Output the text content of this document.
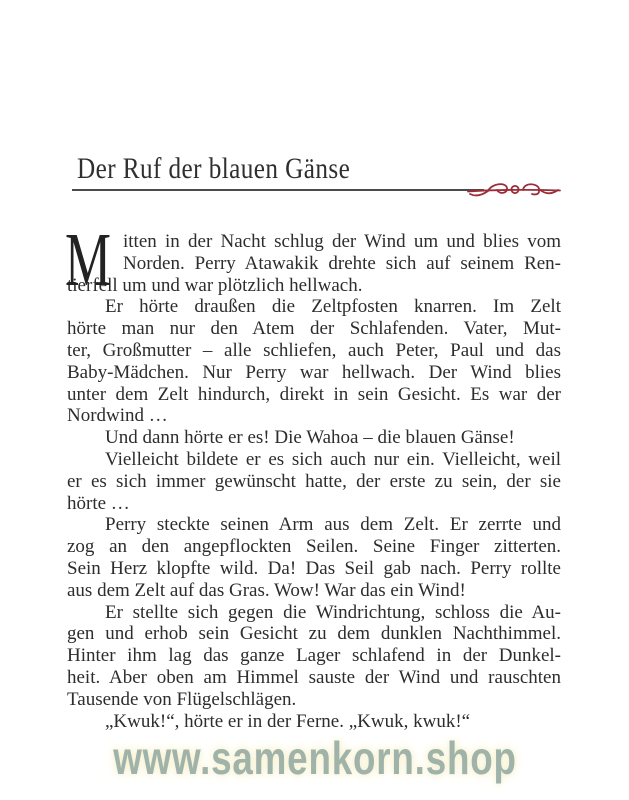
Der Ruf der blauen Gänse
M itten in der Nacht schlug der Wind um und blies vom
Norden. Perry Atawakik drehte sich auf seinem Ren-
tierfell um und war plötzlich hellwach.
Er hörte draußen die Zeltpfosten knarren. Im Zelt
hörte man nur den Atem der Schlafenden. Vater, Mut-
ter, Großmutter – alle schliefen, auch Peter, Paul und das
Baby-Mädchen. Nur Perry war hellwach. Der Wind blies
unter dem Zelt hindurch, direkt in sein Gesicht. Es war der
Nordwind …
Und dann hörte er es! Die Wahoa – die blauen Gänse!
Vielleicht bildete er es sich auch nur ein. Vielleicht, weil
er es sich immer gewünscht hatte, der erste zu sein, der sie
hörte …
Perry steckte seinen Arm aus dem Zelt. Er zerrte und
zog an den angepflockten Seilen. Seine Finger zitterten.
Sein Herz klopfte wild. Da! Das Seil gab nach. Perry rollte
aus dem Zelt auf das Gras. Wow! War das ein Wind!
Er stellte sich gegen die Windrichtung, schloss die Au-
gen und erhob sein Gesicht zu dem dunklen Nachthimmel.
Hinter ihm lag das ganze Lager schlafend in der Dunkel-
heit. Aber oben am Himmel sauste der Wind und rauschten
Tausende von Flügelschlägen.
„Kwuk!“, hörte er in der Ferne. „Kwuk, kwuk!“
www.samenkorn.shop
